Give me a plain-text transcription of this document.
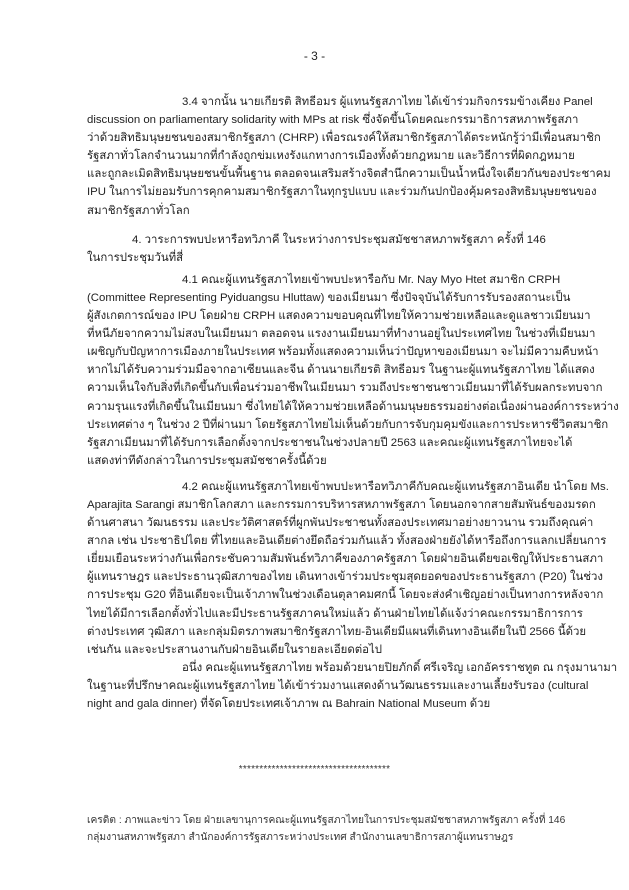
- 3 -
3.4 จากนั้น นายเกียรติ สิทธีอมร ผู้แทนรัฐสภาไทย ได้เข้าร่วมกิจกรรมข้างเคียง Panel
discussion on parliamentary solidarity with MPs at risk ซึ่งจัดขึ้นโดยคณะกรรมาธิการสหภาพรัฐสภา
ว่าด้วยสิทธิมนุษยชนของสมาชิกรัฐสภา (CHRP) เพื่อรณรงค์ให้สมาชิกรัฐสภาได้ตระหนักรู้ว่ามีเพื่อนสมาชิก
รัฐสภาทั่วโลกจำนวนมากที่กำลังถูกข่มเหงรังแกทางการเมืองทั้งด้วยกฎหมาย และวิธีการที่ผิดกฎหมาย
และถูกละเมิดสิทธิมนุษยชนขั้นพื้นฐาน ตลอดจนเสริมสร้างจิตสำนึกความเป็นน้ำหนึ่งใจเดียวกันของประชาคม
IPU ในการไม่ยอมรับการคุกคามสมาชิกรัฐสภาในทุกรูปแบบ และร่วมกันปกป้องคุ้มครองสิทธิมนุษยชนของ
สมาชิกรัฐสภาทั่วโลก
4. วาระการพบปะหารือทวิภาคี ในระหว่างการประชุมสมัชชาสหภาพรัฐสภา ครั้งที่ 146
ในการประชุมวันที่สี่
4.1 คณะผู้แทนรัฐสภาไทยเข้าพบปะหารือกับ Mr. Nay Myo Htet สมาชิก CRPH
(Committee Representing Pyiduangsu Hluttaw) ของเมียนมา ซึ่งปัจจุบันได้รับการรับรองสถานะเป็น
ผู้สังเกตการณ์ของ IPU โดยฝ่าย CRPH แสดงความขอบคุณที่ไทยให้ความช่วยเหลือและดูแลชาวเมียนมา
ที่หนีภัยจากความไม่สงบในเมียนมา ตลอดจน แรงงานเมียนมาที่ทำงานอยู่ในประเทศไทย ในช่วงที่เมียนมา
เผชิญกับปัญหาการเมืองภายในประเทศ พร้อมทั้งแสดงความเห็นว่าปัญหาของเมียนมา จะไม่มีความคืบหน้า
หากไม่ได้รับความร่วมมือจากอาเซียนและจีน ด้านนายเกียรติ สิทธีอมร ในฐานะผู้แทนรัฐสภาไทย ได้แสดง
ความเห็นใจกับสิ่งที่เกิดขึ้นกับเพื่อนร่วมอาชีพในเมียนมา รวมถึงประชาชนชาวเมียนมาที่ได้รับผลกระทบจาก
ความรุนแรงที่เกิดขึ้นในเมียนมา ซึ่งไทยได้ให้ความช่วยเหลือด้านมนุษยธรรมอย่างต่อเนื่องผ่านองค์การระหว่าง
ประเทศต่าง ๆ ในช่วง 2 ปีที่ผ่านมา โดยรัฐสภาไทยไม่เห็นด้วยกับการจับกุมคุมขังและการประหารชีวิตสมาชิก
รัฐสภาเมียนมาที่ได้รับการเลือกตั้งจากประชาชนในช่วงปลายปี 2563 และคณะผู้แทนรัฐสภาไทยจะได้
แสดงท่าทีดังกล่าวในการประชุมสมัชชาครั้งนี้ด้วย
4.2 คณะผู้แทนรัฐสภาไทยเข้าพบปะหารือทวิภาคีกับคณะผู้แทนรัฐสภาอินเดีย นำโดย Ms.
Aparajita Sarangi สมาชิกโลกสภา และกรรมการบริหารสหภาพรัฐสภา โดยนอกจากสายสัมพันธ์ของมรดก
ด้านศาสนา วัฒนธรรม และประวัติศาสตร์ที่ผูกพันประชาชนทั้งสองประเทศมาอย่างยาวนาน รวมถึงคุณค่า
สากล เช่น ประชาธิปไตย ที่ไทยและอินเดียต่างยึดถือร่วมกันแล้ว ทั้งสองฝ่ายยังได้หารือถึงการแลกเปลี่ยนการ
เยี่ยมเยือนระหว่างกันเพื่อกระชับความสัมพันธ์ทวิภาคีของภาครัฐสภา โดยฝ่ายอินเดียขอเชิญให้ประธานสภา
ผู้แทนราษฎร และประธานวุฒิสภาของไทย เดินทางเข้าร่วมประชุมสุดยอดของประธานรัฐสภา (P20) ในช่วง
การประชุม G20 ที่อินเดียจะเป็นเจ้าภาพในช่วงเดือนตุลาคมศกนี้ โดยจะส่งคำเชิญอย่างเป็นทางการหลังจาก
ไทยได้มีการเลือกตั้งทั่วไปและมีประธานรัฐสภาคนใหม่แล้ว ด้านฝ่ายไทยได้แจ้งว่าคณะกรรมาธิการการ
ต่างประเทศ วุฒิสภา และกลุ่มมิตรภาพสมาชิกรัฐสภาไทย-อินเดียมีแผนที่เดินทางอินเดียในปี 2566 นี้ด้วย
เช่นกัน และจะประสานงานกับฝ่ายอินเดียในรายละเอียดต่อไป
อนึ่ง คณะผู้แทนรัฐสภาไทย พร้อมด้วยนายปิยภักดิ์ ศรีเจริญ เอกอัครราชทูต ณ กรุงมานามา
ในฐานะที่ปรึกษาคณะผู้แทนรัฐสภาไทย ได้เข้าร่วมงานแสดงด้านวัฒนธรรมและงานเลี้ยงรับรอง (cultural
night and gala dinner) ที่จัดโดยประเทศเจ้าภาพ ณ Bahrain National Museum ด้วย
*************************************
เครดิต : ภาพและข่าว โดย ฝ่ายเลขานุการคณะผู้แทนรัฐสภาไทยในการประชุมสมัชชาสหภาพรัฐสภา ครั้งที่ 146
กลุ่มงานสหภาพรัฐสภา สำนักองค์การรัฐสภาระหว่างประเทศ สำนักงานเลขาธิการสภาผู้แทนราษฎร
